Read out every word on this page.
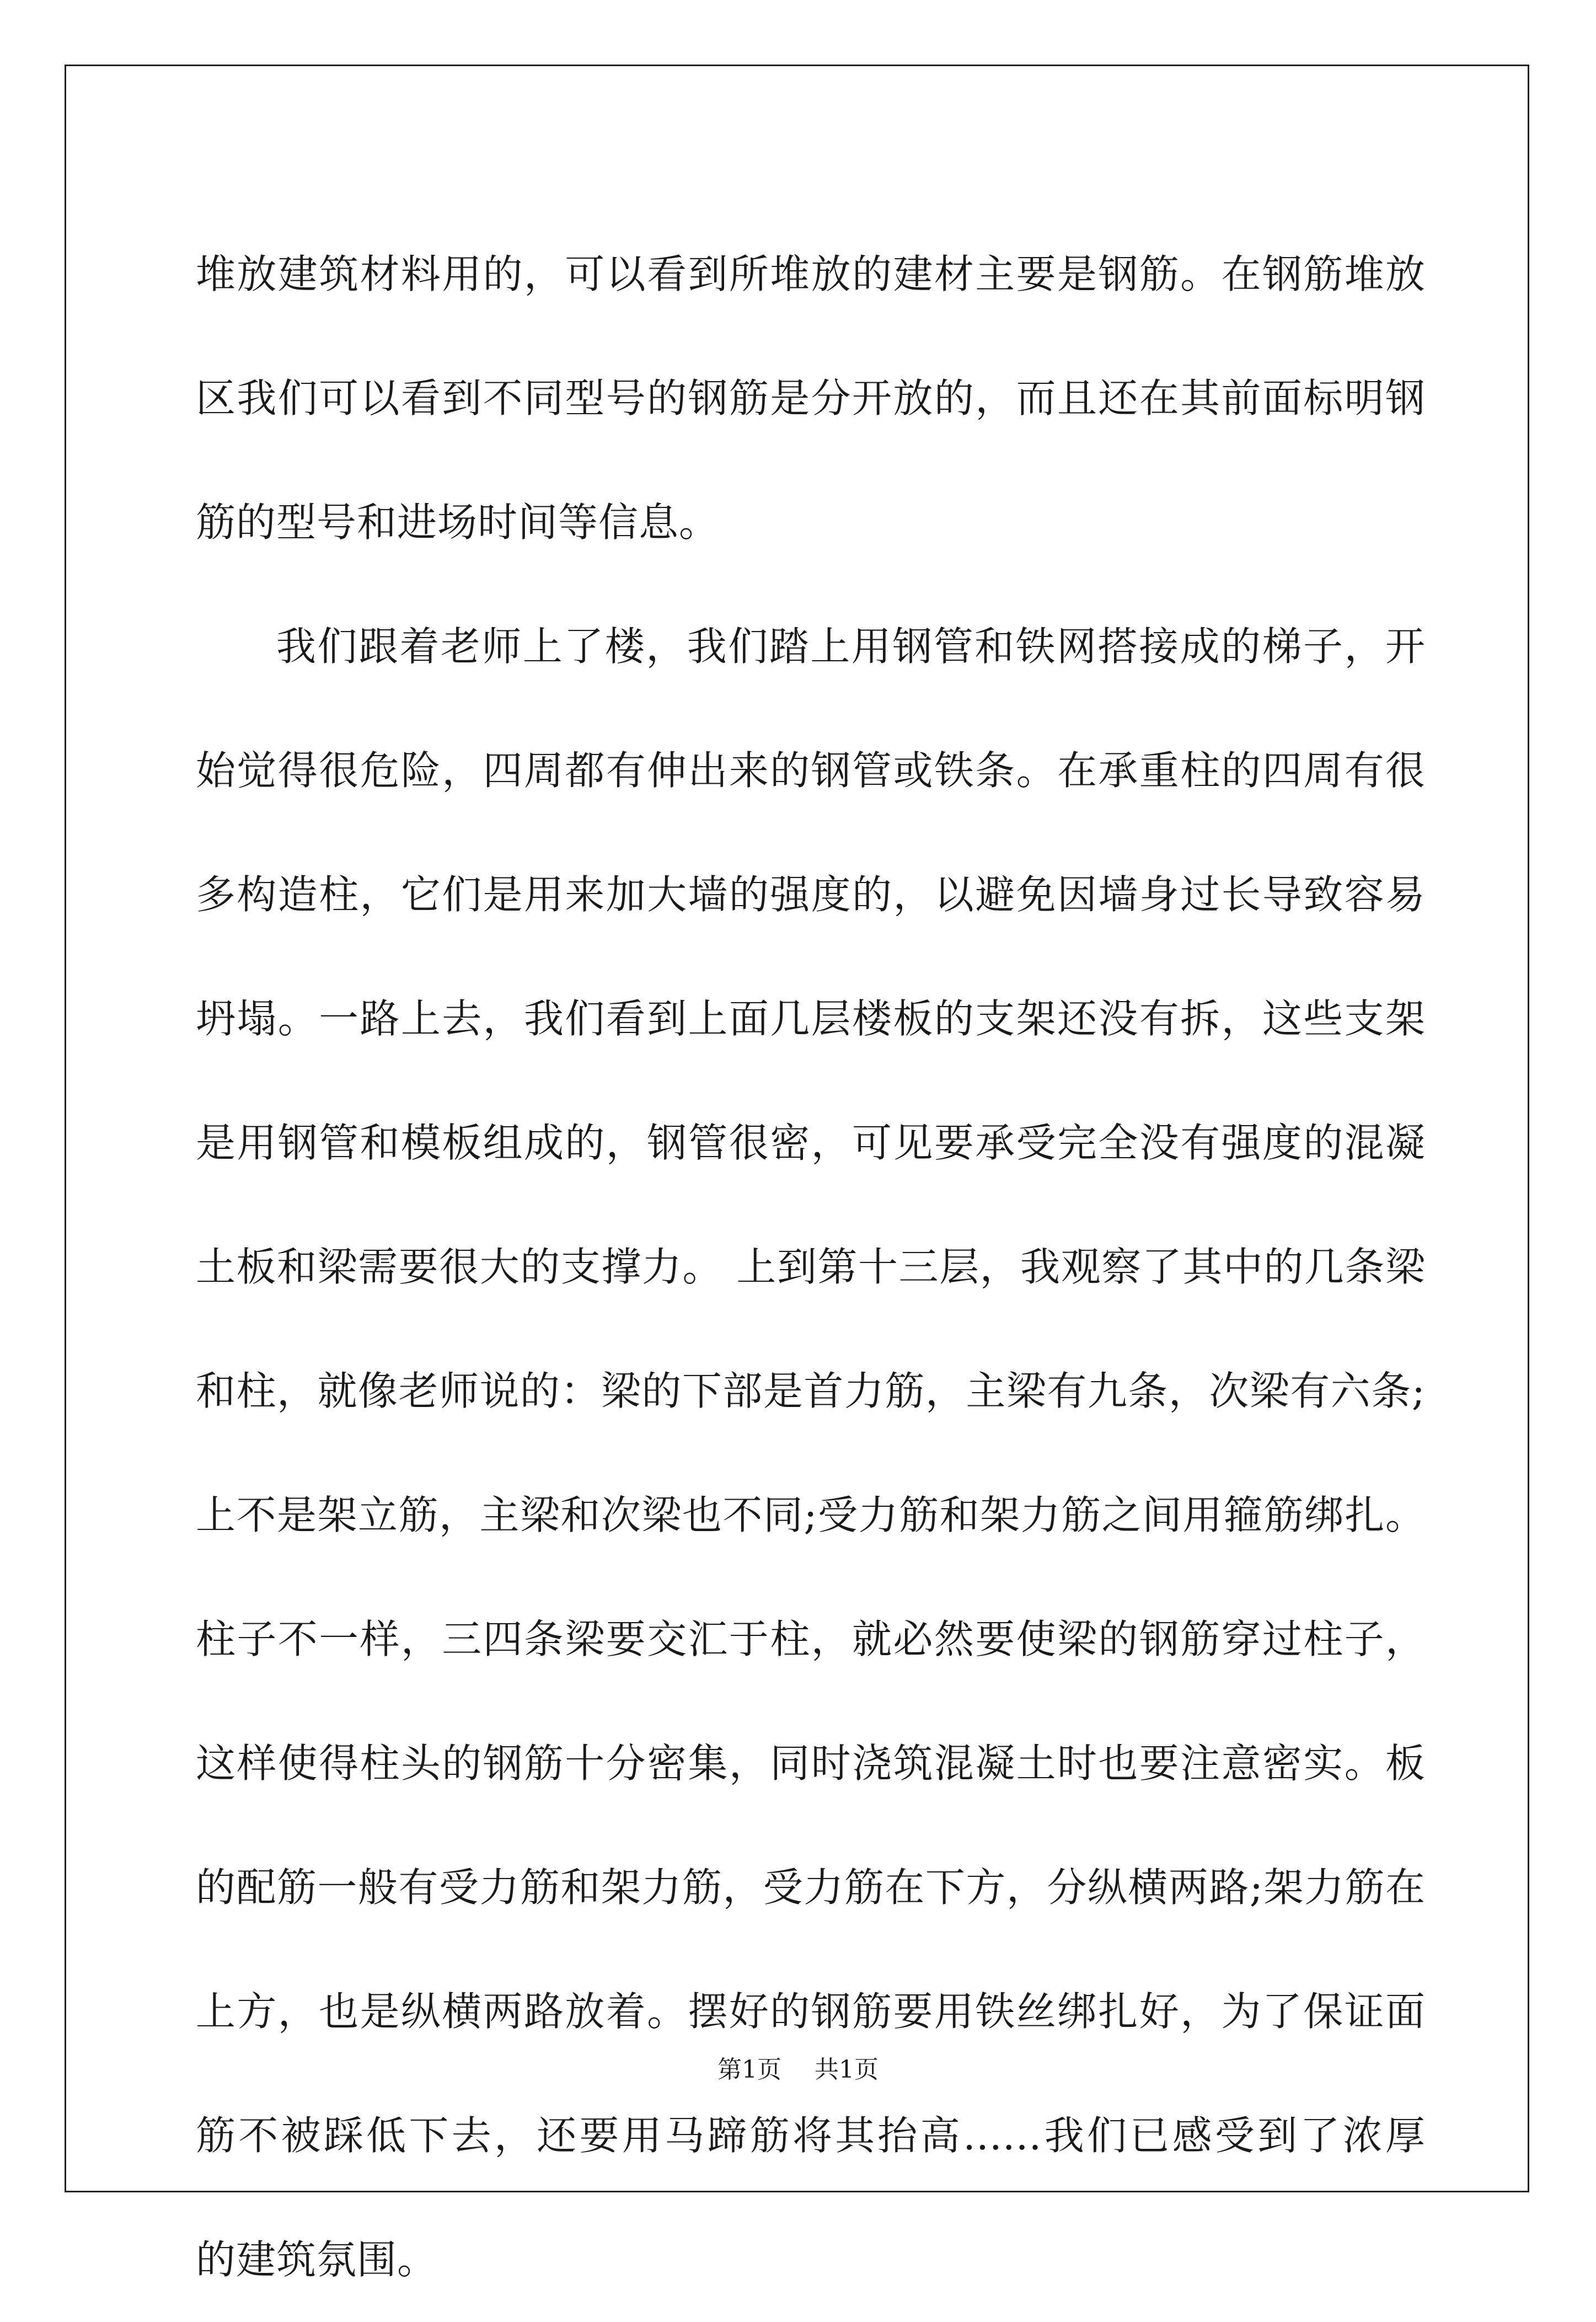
堆放建筑材料用的，可以看到所堆放的建材主要是钢筋。在钢筋堆放
区我们可以看到不同型号的钢筋是分开放的，而且还在其前面标明钢
筋的型号和进场时间等信息。
我们跟着老师上了楼，我们踏上用钢管和铁网搭接成的梯子，开
始觉得很危险，四周都有伸出来的钢管或铁条。在承重柱的四周有很
多构造柱，它们是用来加大墙的强度的，以避免因墙身过长导致容易
坍塌。一路上去，我们看到上面几层楼板的支架还没有拆，这些支架
是用钢管和模板组成的，钢管很密，可见要承受完全没有强度的混凝
土板和梁需要很大的支撑力。 上到第十三层，我观察了其中的几条梁
和柱，就像老师说的：梁的下部是首力筋，主梁有九条，次梁有六条;
上不是架立筋，主梁和次梁也不同;受力筋和架力筋之间用箍筋绑扎。
柱子不一样，三四条梁要交汇于柱，就必然要使梁的钢筋穿过柱子，
这样使得柱头的钢筋十分密集，同时浇筑混凝土时也要注意密实。板
的配筋一般有受力筋和架力筋，受力筋在下方，分纵横两路;架力筋在
上方，也是纵横两路放着。摆好的钢筋要用铁丝绑扎好，为了保证面
筋不被踩低下去，还要用马蹄筋将其抬高......我们已感受到了浓厚
的建筑氛围。
第1页 共1页
